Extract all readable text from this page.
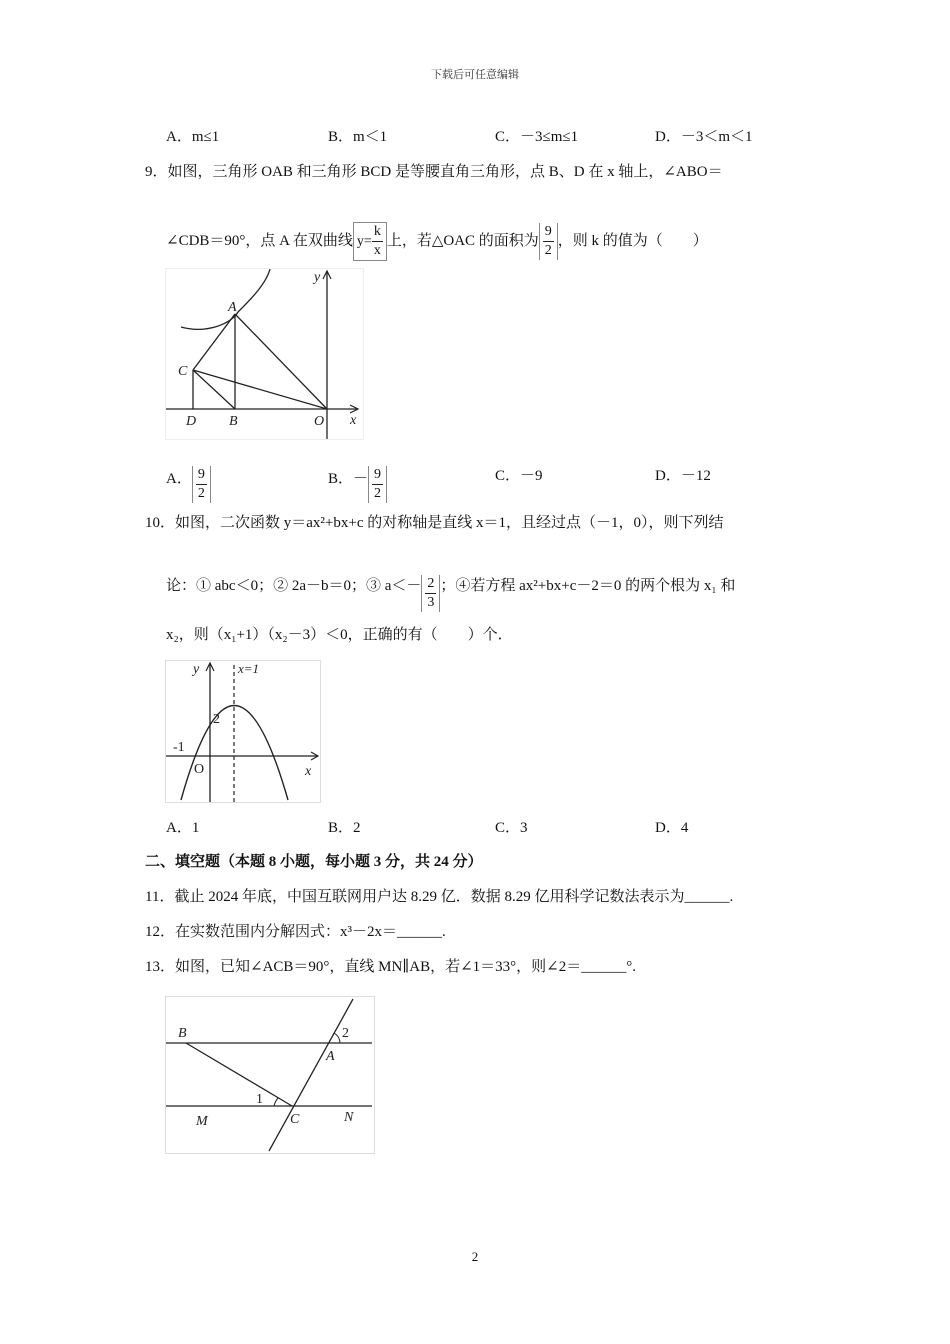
下载后可任意编辑
A．m≤1	B．m＜1	C．－3≤m≤1	D．－3＜m＜1
9．如图，三角形 OAB 和三角形 BCD 是等腰直角三角形，点 B、D 在 x 轴上，∠ABO＝
∠CDB＝90°，点 A 在双曲线 $y= \frac{k}{x}$ 上，若△OAC 的面积为 $\frac{9}{2}$ ，则 k 的值为（　　）
A
C
D B	O x
y
A． $\frac{9}{2}$	B．－ $\frac{9}{2}$	C．－9	D．－12
10．如图，二次函数 y＝ax²+bx+c 的对称轴是直线 x＝1，且经过点（－1，0），则下列结
论：① abc＜0；② 2a－b＝0；③ $a<- \frac{2}{3}$ ；④若方程 ax²+bx+c－2＝0 的两个根为 x₁ 和
x₂，则（x₁+1）（x₂－3）＜0，正确的有（　　）个．
y	x=1
2
-1
O	x
A．1	B．2	C．3	D．4
二、填空题（本题 8 小题，每小题 3 分，共 24 分）
11．截止 2024 年底，中国互联网用户达 8.29 亿．数据 8.29 亿用科学记数法表示为______.
12．在实数范围内分解因式：x³－2x＝______.
13．如图，已知∠ACB＝90°，直线 MN∥AB，若∠1＝33°，则∠2＝______°.
B
A
2
1
M	C	N
2
